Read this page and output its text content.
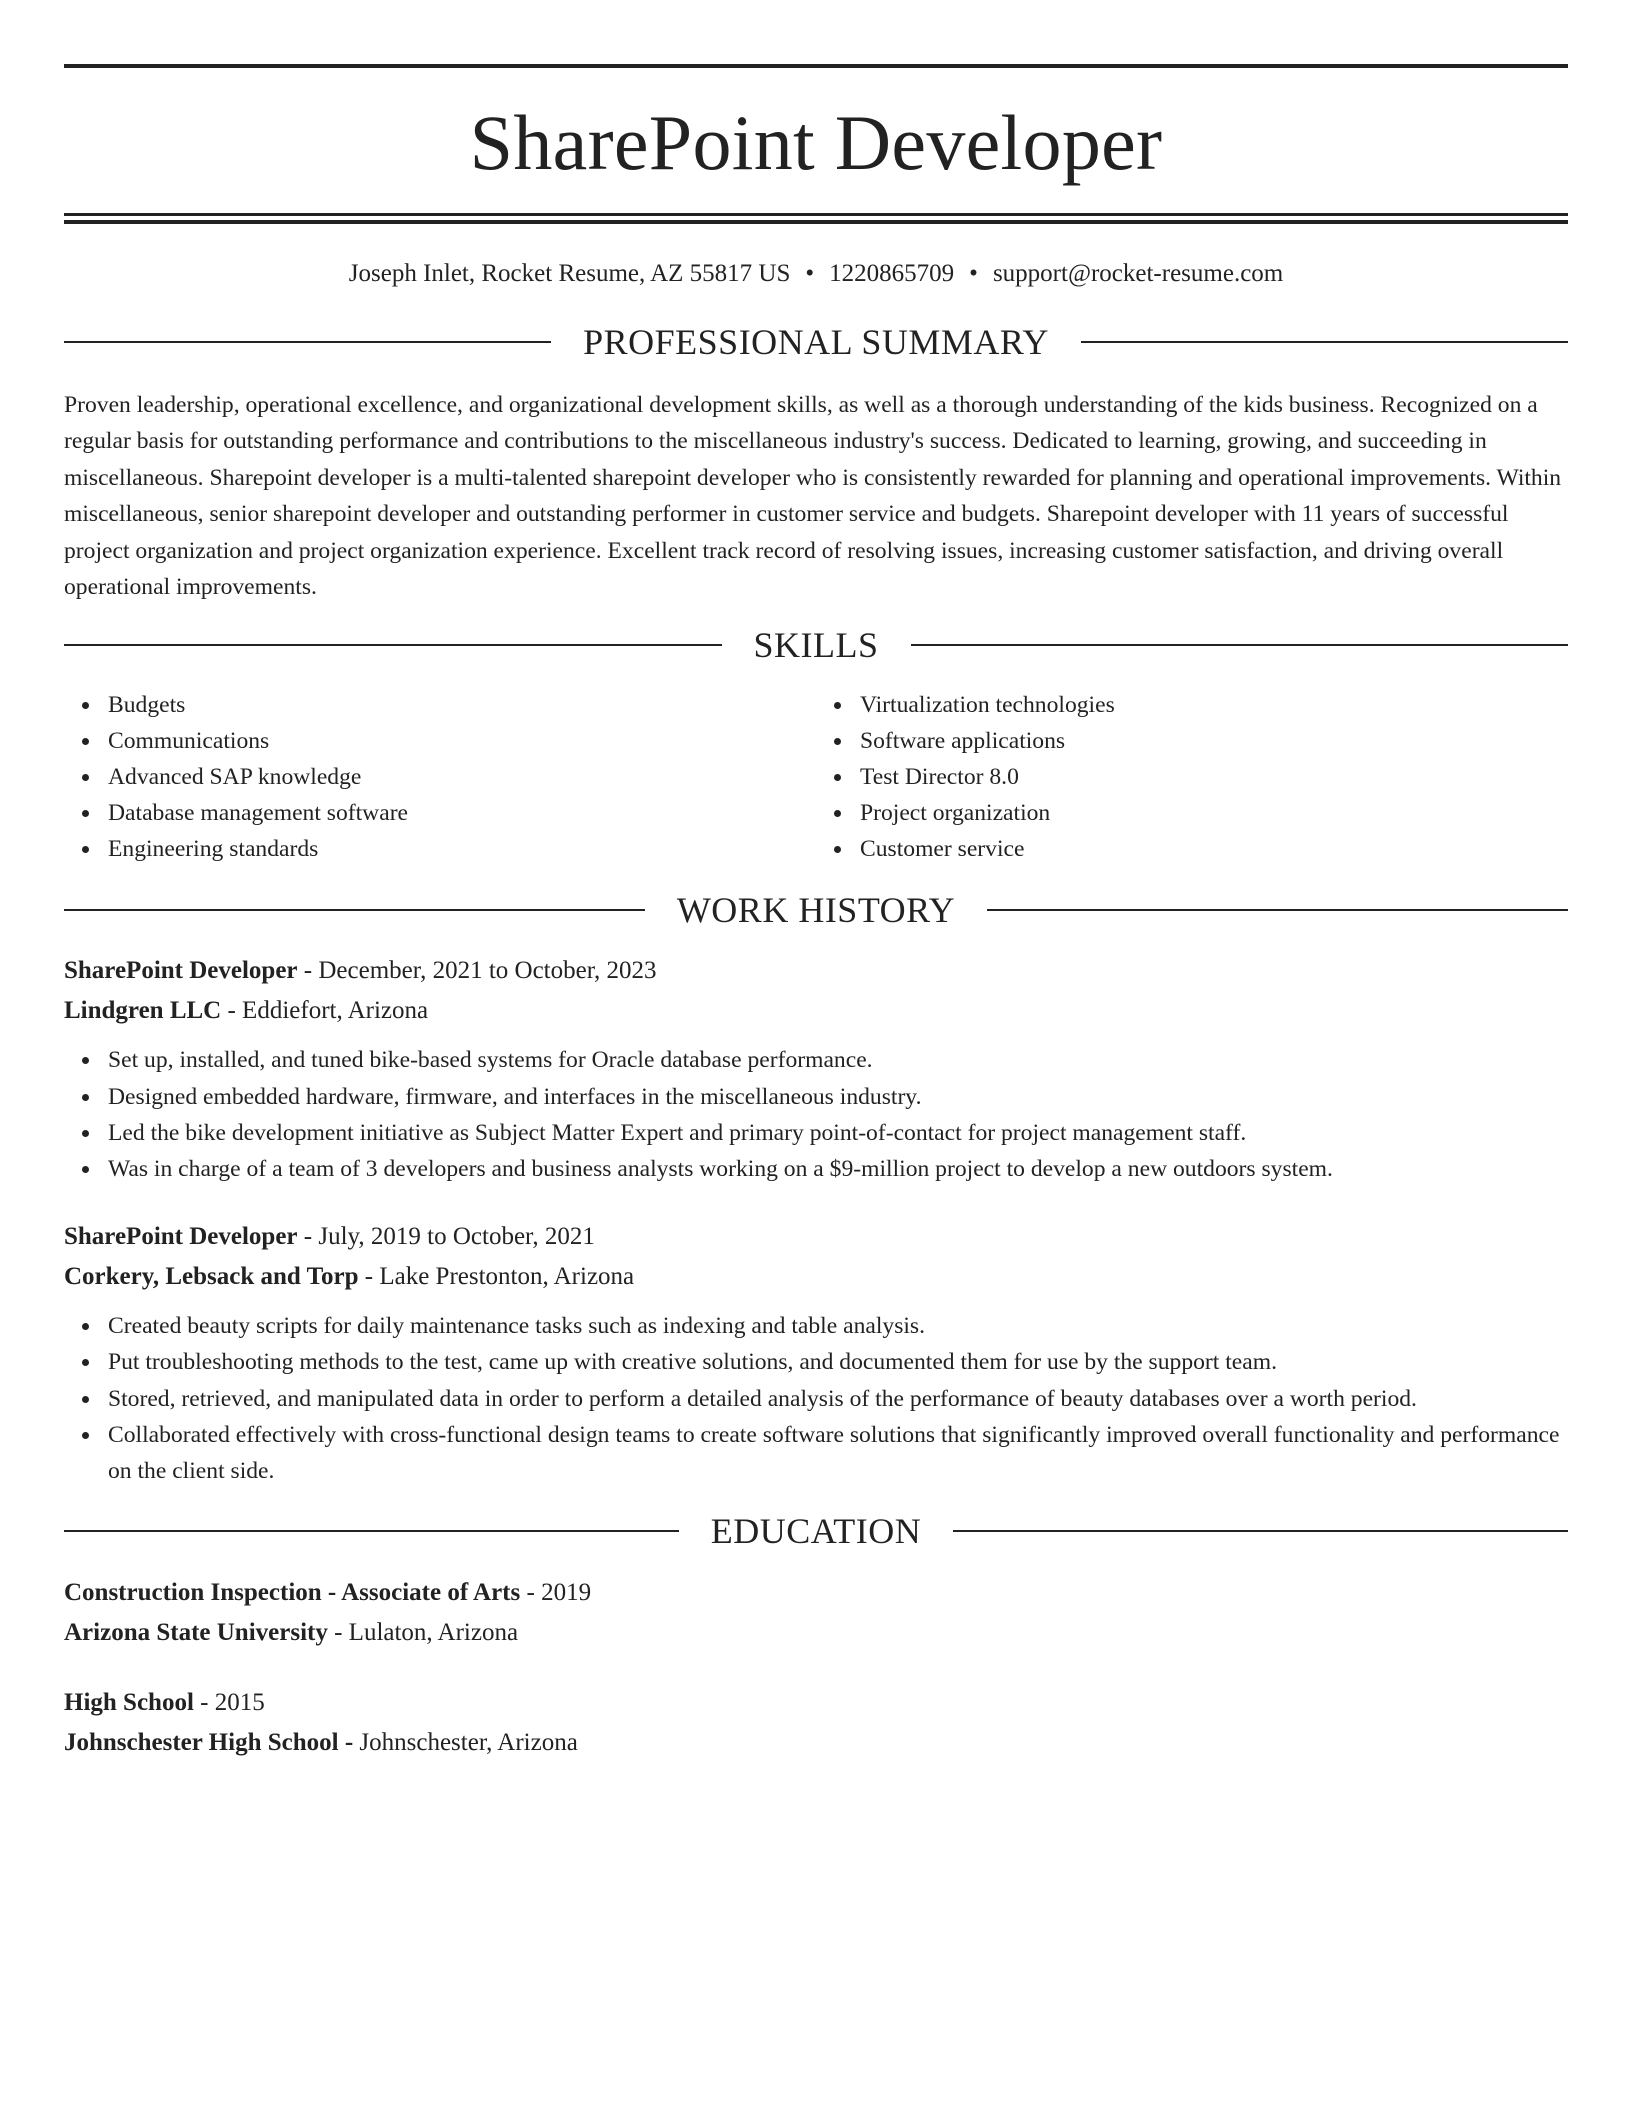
SharePoint Developer
Joseph Inlet, Rocket Resume, AZ 55817 US • 1220865709 • support@rocket-resume.com
PROFESSIONAL SUMMARY

Proven leadership, operational excellence, and organizational development skills, as well as a thorough understanding of the kids business. Recognized on a regular basis for outstanding performance and contributions to the miscellaneous industry's success. Dedicated to learning, growing, and succeeding in miscellaneous. Sharepoint developer is a multi-talented sharepoint developer who is consistently rewarded for planning and operational improvements. Within miscellaneous, senior sharepoint developer and outstanding performer in customer service and budgets. Sharepoint developer with 11 years of successful project organization and project organization experience. Excellent track record of resolving issues, increasing customer satisfaction, and driving overall operational improvements.

SKILLS
Budgets
Communications
Advanced SAP knowledge
Database management software
Engineering standards
Virtualization technologies
Software applications
Test Director 8.0
Project organization
Customer service
WORK HISTORY
SharePoint Developer - December, 2021 to October, 2023
Lindgren LLC - Eddiefort, Arizona
Set up, installed, and tuned bike-based systems for Oracle database performance.
Designed embedded hardware, firmware, and interfaces in the miscellaneous industry.
Led the bike development initiative as Subject Matter Expert and primary point-of-contact for project management staff.
Was in charge of a team of 3 developers and business analysts working on a $9-million project to develop a new outdoors system.
SharePoint Developer - July, 2019 to October, 2021
Corkery, Lebsack and Torp - Lake Prestonton, Arizona
Created beauty scripts for daily maintenance tasks such as indexing and table analysis.
Put troubleshooting methods to the test, came up with creative solutions, and documented them for use by the support team.
Stored, retrieved, and manipulated data in order to perform a detailed analysis of the performance of beauty databases over a worth period.
Collaborated effectively with cross-functional design teams to create software solutions that significantly improved overall functionality and performance on the client side.
EDUCATION
Construction Inspection - Associate of Arts - 2019
Arizona State University - Lulaton, Arizona
High School - 2015
Johnschester High School - Johnschester, Arizona
